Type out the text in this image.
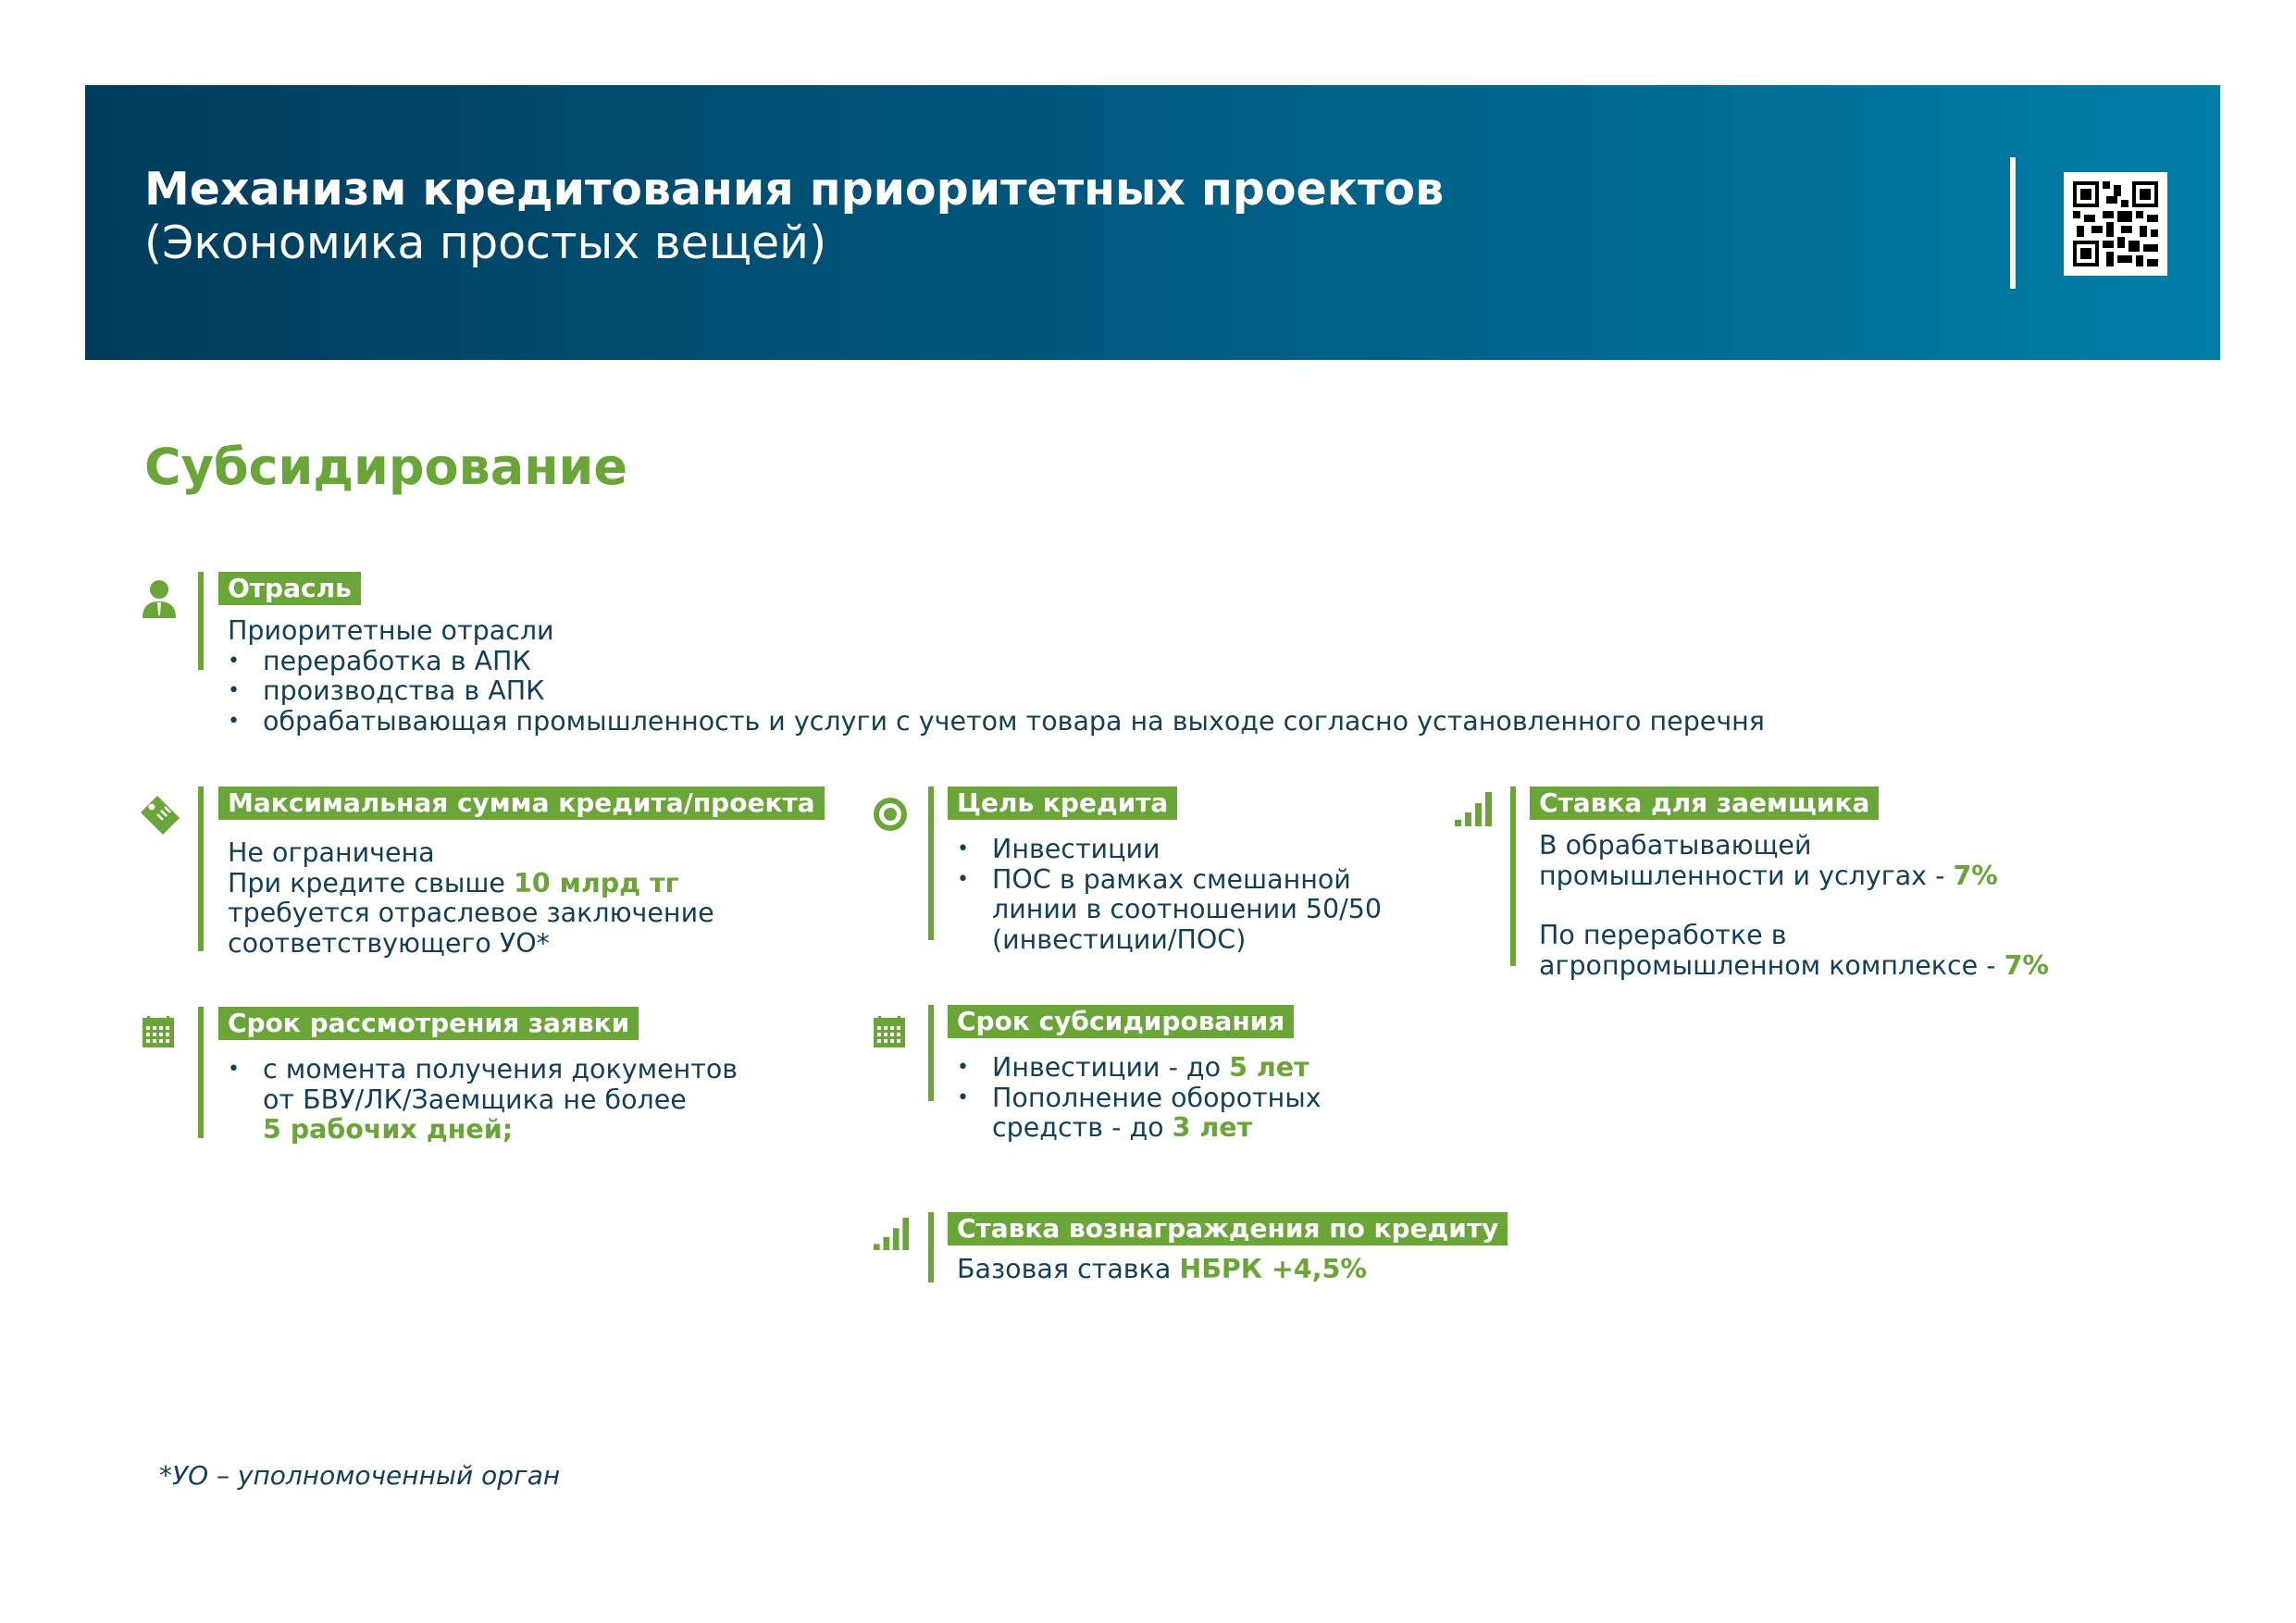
Механизм кредитования приоритетных проектов
(Экономика простых вещей)
Субсидирование
Отрасль
Приоритетные отрасли
• переработка в АПК
• производства в АПК
• обрабатывающая промышленность и услуги с учетом товара на выходе согласно установленного перечня
Максимальная сумма кредита/проекта
Не ограничена
При кредите свыше 10 млрд тг
требуется отраслевое заключение
соответствующего УО*
Цель кредита
• Инвестиции
• ПОС в рамках смешанной
линии в соотношении 50/50
(инвестиции/ПОС)
Ставка для заемщика
В обрабатывающей
промышленности и услугах - 7%
По переработке в
агропромышленном комплексе - 7%
Срок рассмотрения заявки
• с момента получения документов
от БВУ/ЛК/Заемщика не более
5 рабочих дней;
Срок субсидирования
• Инвестиции - до 5 лет
• Пополнение оборотных
средств - до 3 лет
Ставка вознаграждения по кредиту
Базовая ставка НБРК +4,5%
*УО – уполномоченный орган
